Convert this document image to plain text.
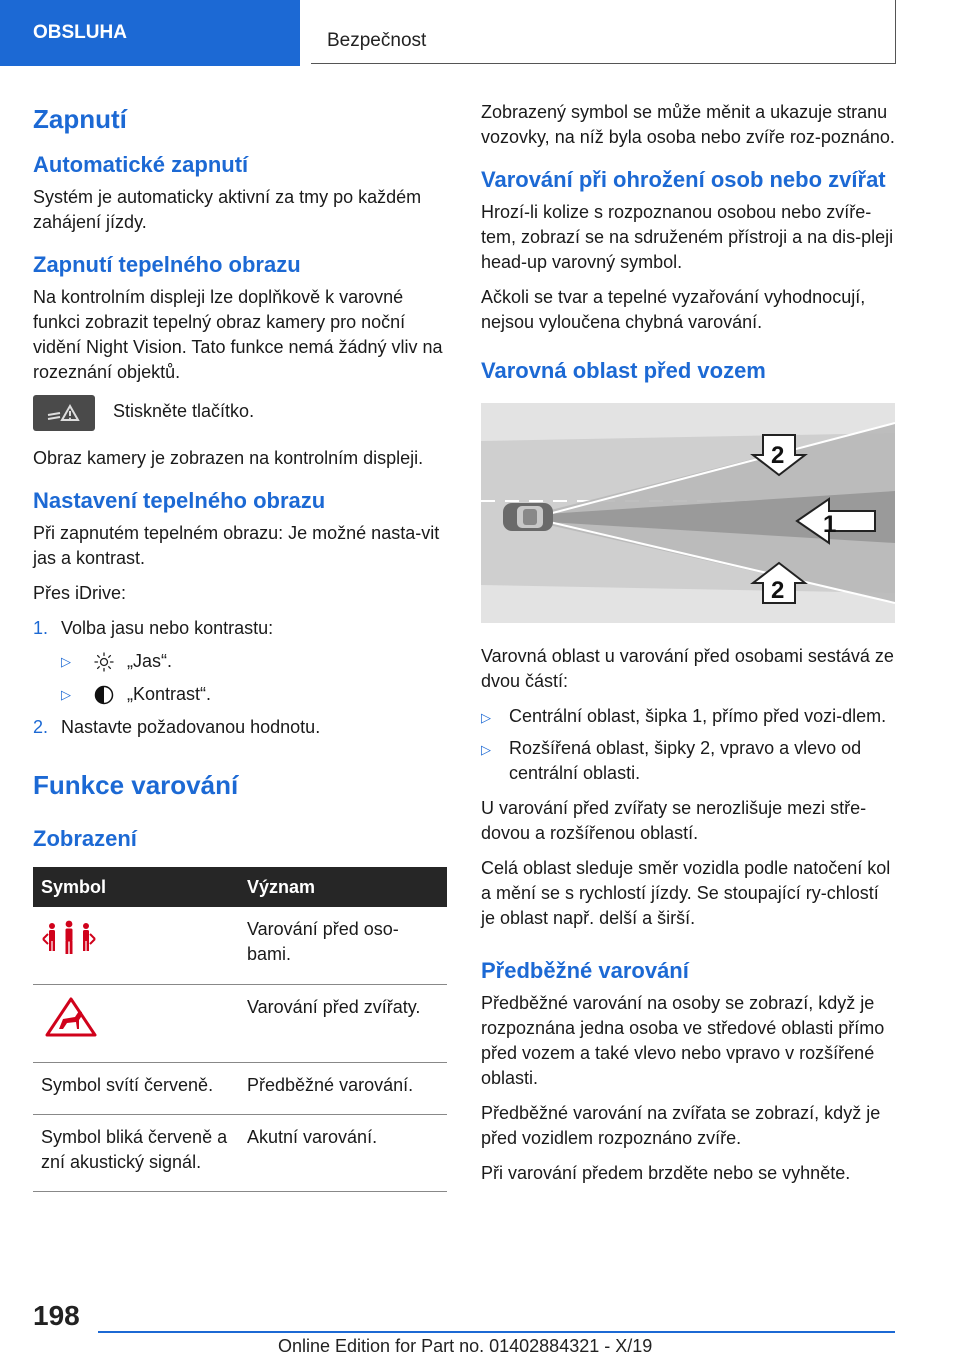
OBSLUHA	Bezpečnost
Zapnutí
Automatické zapnutí

Systém je automaticky aktivní za tmy po každém zahájení jízdy.

Zapnutí tepelného obrazu

Na kontrolním displeji lze doplňkově k varovné funkci zobrazit tepelný obraz kamery pro noční vidění Night Vision. Tato funkce nemá žádný vliv na rozeznání objektů.

Stiskněte tlačítko.

Obraz kamery je zobrazen na kontrolním displeji.

Nastavení tepelného obrazu

Při zapnutém tepelném obrazu: Je možné nasta-vit jas a kontrast.

Přes iDrive:

1. Volba jasu nebo kontrastu:
▷	„Jas“.
▷	„Kontrast“.
2. Nastavte požadovanou hodnotu.
Funkce varování
Zobrazení
Symbol	Význam
	Varování před oso-bami.
	Varování před zvířaty.
Symbol svítí červeně.	Předběžné varování.
Symbol bliká červeně a zní akustický signál.	Akutní varování.

Zobrazený symbol se může měnit a ukazuje stranu vozovky, na níž byla osoba nebo zvíře roz-poznáno.

Varování při ohrožení osob nebo zvířat

Hrozí-li kolize s rozpoznanou osobou nebo zvíře-tem, zobrazí se na sdruženém přístroji a na dis-pleji head-up varovný symbol.

Ačkoli se tvar a tepelné vyzařování vyhodnocují, nejsou vyloučena chybná varování.

Varovná oblast před vozem
1
2
2

Varovná oblast u varování před osobami sestává ze dvou částí:

▷	Centrální oblast, šipka 1, přímo před vozi-dlem.
▷	Rozšířená oblast, šipky 2, vpravo a vlevo od centrální oblasti.

U varování před zvířaty se nerozlišuje mezi stře-dovou a rozšířenou oblastí.

Celá oblast sleduje směr vozidla podle natočení kol a mění se s rychlostí jízdy. Se stoupající ry-chlostí je oblast např. delší a širší.

Předběžné varování

Předběžné varování na osoby se zobrazí, když je rozpoznána jedna osoba ve středové oblasti přímo před vozem a také vlevo nebo vpravo v rozšířené oblasti.

Předběžné varování na zvířata se zobrazí, když je před vozidlem rozpoznáno zvíře.

Při varování předem brzděte nebo se vyhněte.

198
Online Edition for Part no. 01402884321 - X/19
